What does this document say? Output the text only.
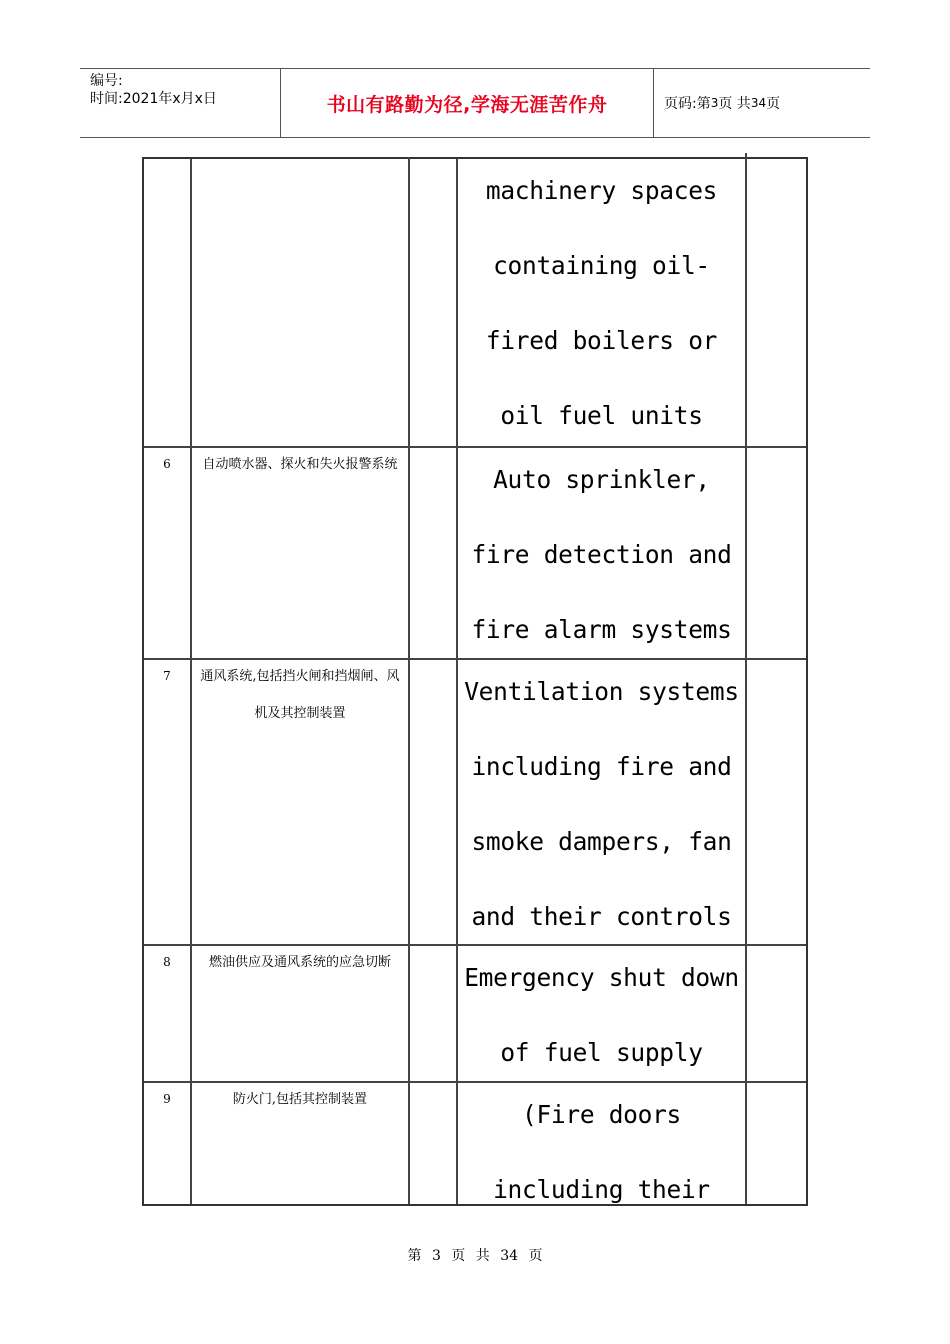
编号:
时间:2021年x月x日	书山有路勤为径,学海无涯苦作舟	页码:第 3 页 共 34 页
machinery spaces
containing oil-
fired boilers or
oil fuel units
6	自动喷水器、探火和失火报警系统
Auto sprinkler,
fire detection and
fire alarm systems
7	通风系统,包括挡火闸和挡烟闸、风机及其控制装置
Ventilation systems
including fire and
smoke dampers, fan
and their controls
8	燃油供应及通风系统的应急切断
Emergency shut down
of fuel supply
9	防火门,包括其控制装置
(Fire doors
including their
第 3 页 共 34 页
